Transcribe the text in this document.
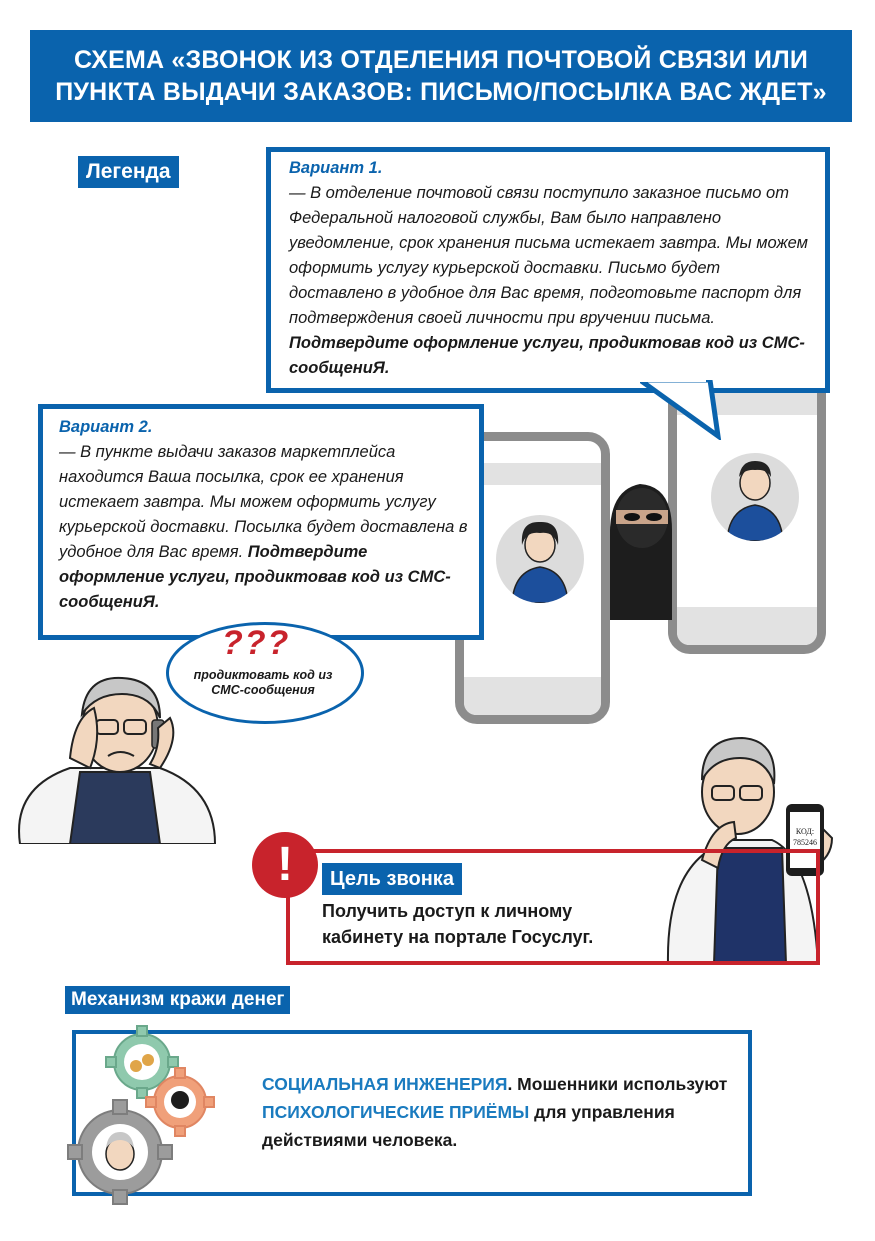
СХЕМА «ЗВОНОК ИЗ ОТДЕЛЕНИЯ ПОЧТОВОЙ СВЯЗИ ИЛИ
ПУНКТА ВЫДАЧИ ЗАКАЗОВ: ПИСЬМО/ПОСЫЛКА ВАС ЖДЕТ»
Легенда	Вариант 1.
— В отделение почтовой связи поступило заказное письмо от Федеральной налоговой службы, Вам было направлено уведомление, срок хранения письма истекает завтра. Мы можем оформить услугу курьерской доставки. Письмо будет доставлено в удобное для Вас время, подготовьте паспорт для подтверждения своей личности при вручении письма. Подтвердите оформление услуги, продиктовав код из СМС-сообщениЯ.
Вариант 2.
— В пункте выдачи заказов маркетплейса находится Ваша посылка, срок ее хранения истекает завтра. Мы можем оформить услугу курьерской доставки. Посылка будет доставлена в удобное для Вас время. Подтвердите оформление услуги, продиктовав код из СМС-сообщениЯ.
???
продиктовать код из СМС-сообщения
КОД:
785246
!	Цель звонка
Получить доступ к личному кабинету на портале Госуслуг.
Механизм кражи денег
СОЦИАЛЬНАЯ ИНЖЕНЕРИЯ. Мошенники используют ПСИХОЛОГИЧЕСКИЕ ПРИЁМЫ для управления действиями человека.
